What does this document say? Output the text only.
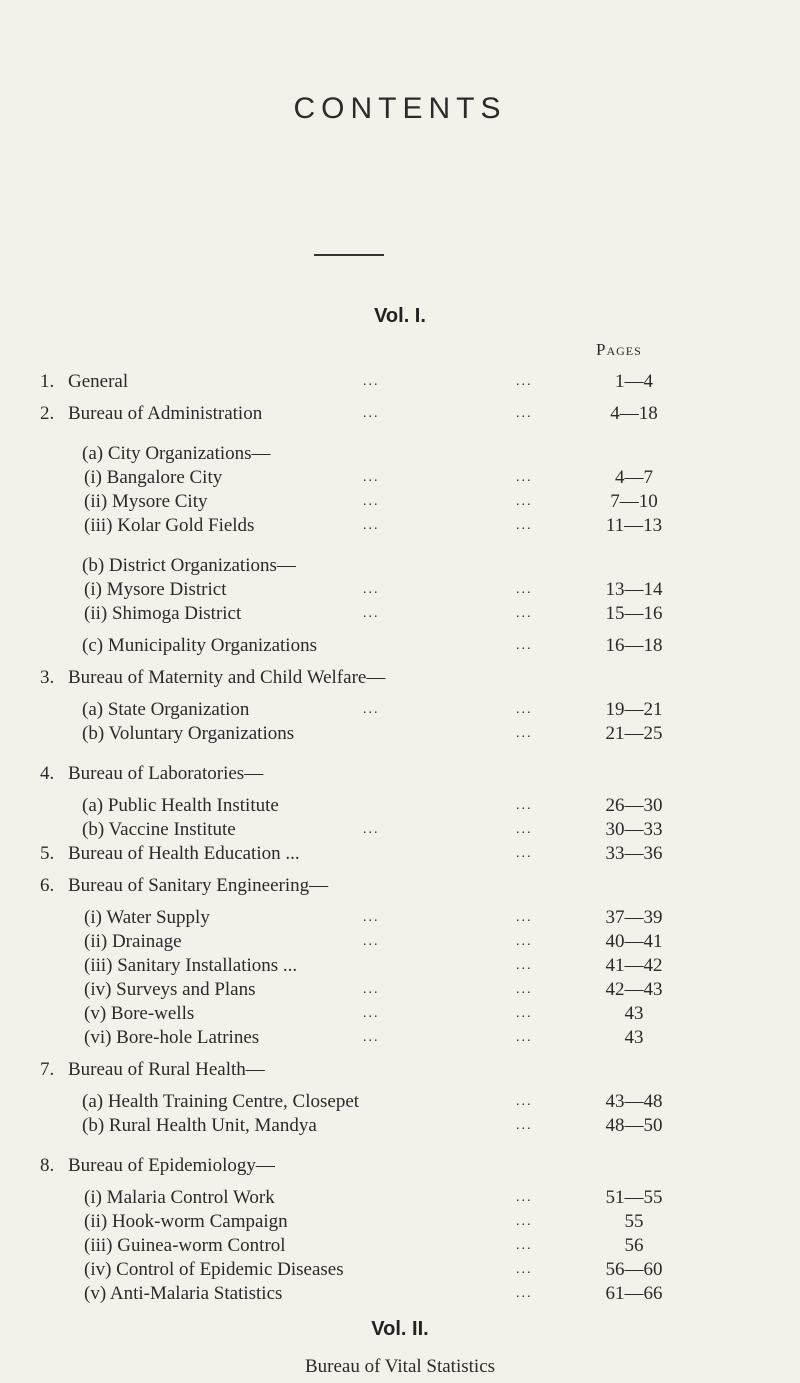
CONTENTS
Vol. I.
Pages
1. General	...	...	1—4
2. Bureau of Administration	...	...	4—18
(a) City Organizations—
(i) Bangalore City	...	...	4—7
(ii) Mysore City	...	...	7—10
(iii) Kolar Gold Fields	...	...	11—13
(b) District Organizations—
(i) Mysore District	...	...	13—14
(ii) Shimoga District	...	...	15—16
(c) Municipality Organizations	...	16—18
3. Bureau of Maternity and Child Welfare—
(a) State Organization	...	...	19—21
(b) Voluntary Organizations	...	21—25
4. Bureau of Laboratories—
(a) Public Health Institute	...	26—30
(b) Vaccine Institute	...	...	30—33
5. Bureau of Health Education ...	...	33—36
6. Bureau of Sanitary Engineering—
(i) Water Supply	...	...	37—39
(ii) Drainage	...	...	40—41
(iii) Sanitary Installations ...	...	41—42
(iv) Surveys and Plans	...	...	42—43
(v) Bore-wells	...	...	43
(vi) Bore-hole Latrines	...	...	43
7. Bureau of Rural Health—
(a) Health Training Centre, Closepet	...	43—48
(b) Rural Health Unit, Mandya	...	48—50
8. Bureau of Epidemiology—
(i) Malaria Control Work	...	51—55
(ii) Hook-worm Campaign	...	55
(iii) Guinea-worm Control	...	56
(iv) Control of Epidemic Diseases	...	56—60
(v) Anti-Malaria Statistics	...	61—66
Vol. II.
Bureau of Vital Statistics
